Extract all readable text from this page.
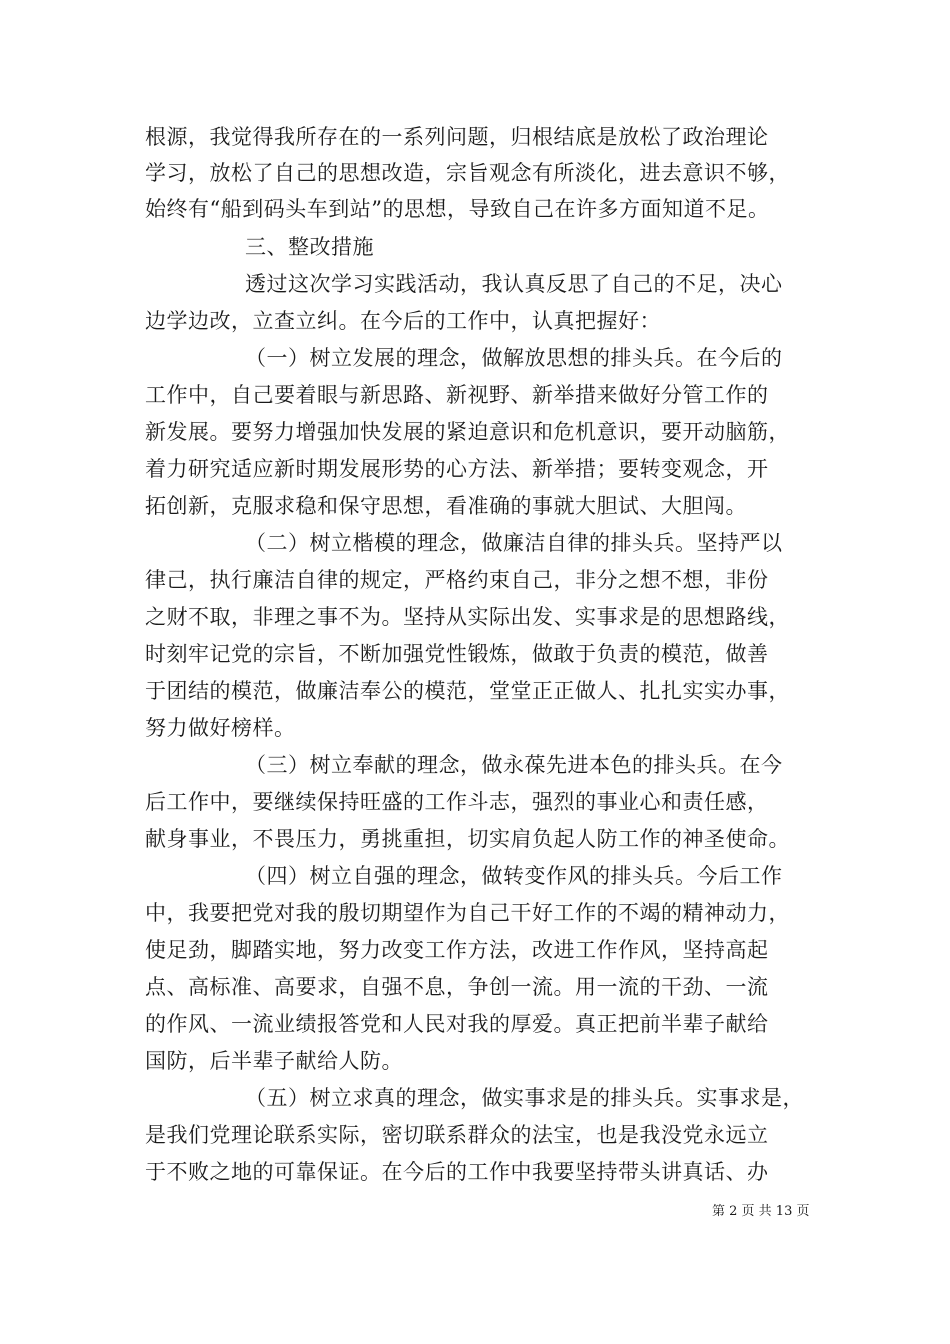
根源，我觉得我所存在的一系列问题，归根结底是放松了政治理论
学习，放松了自己的思想改造，宗旨观念有所淡化，进去意识不够，
始终有“船到码头车到站”的思想，导致自己在许多方面知道不足。
三、整改措施
透过这次学习实践活动，我认真反思了自己的不足，决心
边学边改，立查立纠。在今后的工作中，认真把握好：
（一）树立发展的理念，做解放思想的排头兵。在今后的
工作中，自己要着眼与新思路、新视野、新举措来做好分管工作的
新发展。要努力增强加快发展的紧迫意识和危机意识，要开动脑筋，
着力研究适应新时期发展形势的心方法、新举措；要转变观念，开
拓创新，克服求稳和保守思想，看准确的事就大胆试、大胆闯。
（二）树立楷模的理念，做廉洁自律的排头兵。坚持严以
律己，执行廉洁自律的规定，严格约束自己，非分之想不想，非份
之财不取，非理之事不为。坚持从实际出发、实事求是的思想路线，
时刻牢记党的宗旨，不断加强党性锻炼，做敢于负责的模范，做善
于团结的模范，做廉洁奉公的模范，堂堂正正做人、扎扎实实办事，
努力做好榜样。
（三）树立奉献的理念，做永葆先进本色的排头兵。在今
后工作中，要继续保持旺盛的工作斗志，强烈的事业心和责任感，
献身事业，不畏压力，勇挑重担，切实肩负起人防工作的神圣使命。
（四）树立自强的理念，做转变作风的排头兵。今后工作
中，我要把党对我的殷切期望作为自己干好工作的不竭的精神动力，
使足劲，脚踏实地，努力改变工作方法，改进工作作风，坚持高起
点、高标准、高要求，自强不息，争创一流。用一流的干劲、一流
的作风、一流业绩报答党和人民对我的厚爱。真正把前半辈子献给
国防，后半辈子献给人防。
（五）树立求真的理念，做实事求是的排头兵。实事求是，
是我们党理论联系实际，密切联系群众的法宝，也是我没党永远立
于不败之地的可靠保证。在今后的工作中我要坚持带头讲真话、办
第 2 页 共 13 页
